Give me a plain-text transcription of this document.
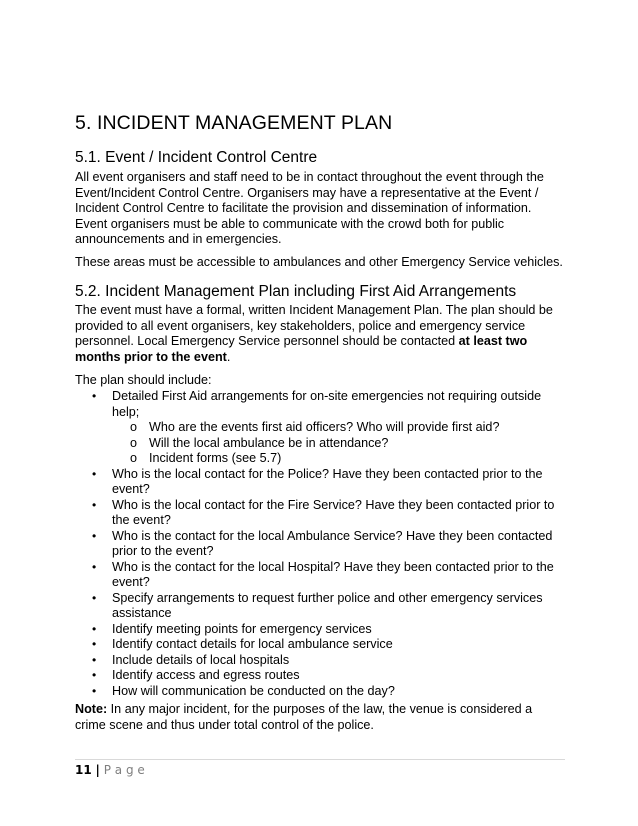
5. INCIDENT MANAGEMENT PLAN
5.1. Event / Incident Control Centre

All event organisers and staff need to be in contact throughout the event through the

Event/Incident Control Centre. Organisers may have a representative at the Event /

Incident Control Centre to facilitate the provision and dissemination of information.

Event organisers must be able to communicate with the crowd both for public

announcements and in emergencies.

These areas must be accessible to ambulances and other Emergency Service vehicles.

5.2. Incident Management Plan including First Aid Arrangements

The event must have a formal, written Incident Management Plan. The plan should be

provided to all event organisers, key stakeholders, police and emergency service

personnel. Local Emergency Service personnel should be contacted at least two

months prior to the event.

The plan should include:

• Detailed First Aid arrangements for on-site emergencies not requiring outside
help;
o Who are the events first aid officers? Who will provide first aid?
o Will the local ambulance be in attendance?
o Incident forms (see 5.7)
• Who is the local contact for the Police? Have they been contacted prior to the
event?
• Who is the local contact for the Fire Service? Have they been contacted prior to
the event?
• Who is the contact for the local Ambulance Service? Have they been contacted
prior to the event?
• Who is the contact for the local Hospital? Have they been contacted prior to the
event?
• Specify arrangements to request further police and other emergency services
assistance
• Identify meeting points for emergency services
• Identify contact details for local ambulance service
• Include details of local hospitals
• Identify access and egress routes
• How will communication be conducted on the day?

Note: In any major incident, for the purposes of the law, the venue is considered a

crime scene and thus under total control of the police.

11 | P a g e
